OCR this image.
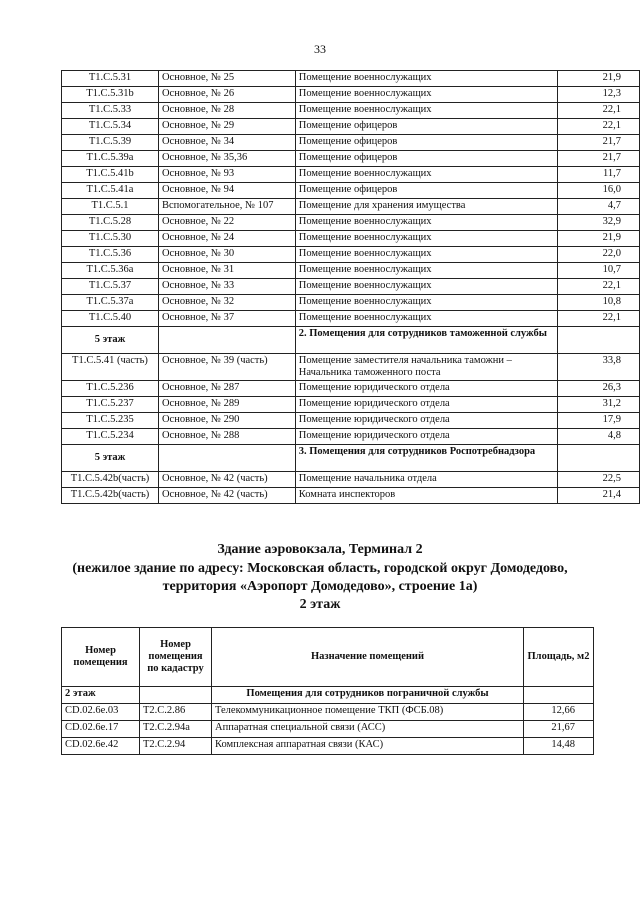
33
T1.C.5.31	Основное, № 25	Помещение военнослужащих	21,9
T1.C.5.31b	Основное, № 26	Помещение военнослужащих	12,3
T1.C.5.33	Основное, № 28	Помещение военнослужащих	22,1
T1.C.5.34	Основное, № 29	Помещение офицеров	22,1
T1.C.5.39	Основное, № 34	Помещение офицеров	21,7
T1.C.5.39a	Основное, № 35,36	Помещение офицеров	21,7
T1.C.5.41b	Основное, № 93	Помещение военнослужащих	11,7
T1.C.5.41a	Основное, № 94	Помещение офицеров	16,0
T1.C.5.1	Вспомогательное, № 107	Помещение для хранения имущества	4,7
T1.C.5.28	Основное, № 22	Помещение военнослужащих	32,9
T1.C.5.30	Основное, № 24	Помещение военнослужащих	21,9
T1.C.5.36	Основное, № 30	Помещение военнослужащих	22,0
T1.C.5.36a	Основное, № 31	Помещение военнослужащих	10,7
T1.C.5.37	Основное, № 33	Помещение военнослужащих	22,1
T1.C.5.37a	Основное, № 32	Помещение военнослужащих	10,8
T1.C.5.40	Основное, № 37	Помещение военнослужащих	22,1
5 этаж		2. Помещения для сотрудников таможенной службы	
T1.C.5.41 (часть)	Основное, № 39 (часть)	Помещение заместителя начальника таможни – Начальника таможенного поста	33,8
T1.C.5.236	Основное, № 287	Помещение юридического отдела	26,3
T1.C.5.237	Основное, № 289	Помещение юридического отдела	31,2
T1.C.5.235	Основное, № 290	Помещение юридического отдела	17,9
T1.C.5.234	Основное, № 288	Помещение юридического отдела	4,8
5 этаж		3. Помещения для сотрудников Роспотребнадзора	
T1.C.5.42b(часть)	Основное, № 42 (часть)	Помещение начальника отдела	22,5
T1.C.5.42b(часть)	Основное, № 42 (часть)	Комната инспекторов	21,4
Здание аэровокзала, Терминал 2
(нежилое здание по адресу: Московская область, городской округ Домодедово,
территория «Аэропорт Домодедово», строение 1а)
2 этаж
Номер помещения	Номер помещения по кадастру	Назначение помещений	Площадь, м2
2 этаж		Помещения для сотрудников пограничной службы	
CD.02.6e.03	T2.C.2.86	Телекоммуникационное помещение ТКП (ФСБ.08)	12,66
CD.02.6e.17	T2.C.2.94a	Аппаратная специальной связи (АСС)	21,67
CD.02.6e.42	T2.C.2.94	Комплексная аппаратная связи (КАС)	14,48
